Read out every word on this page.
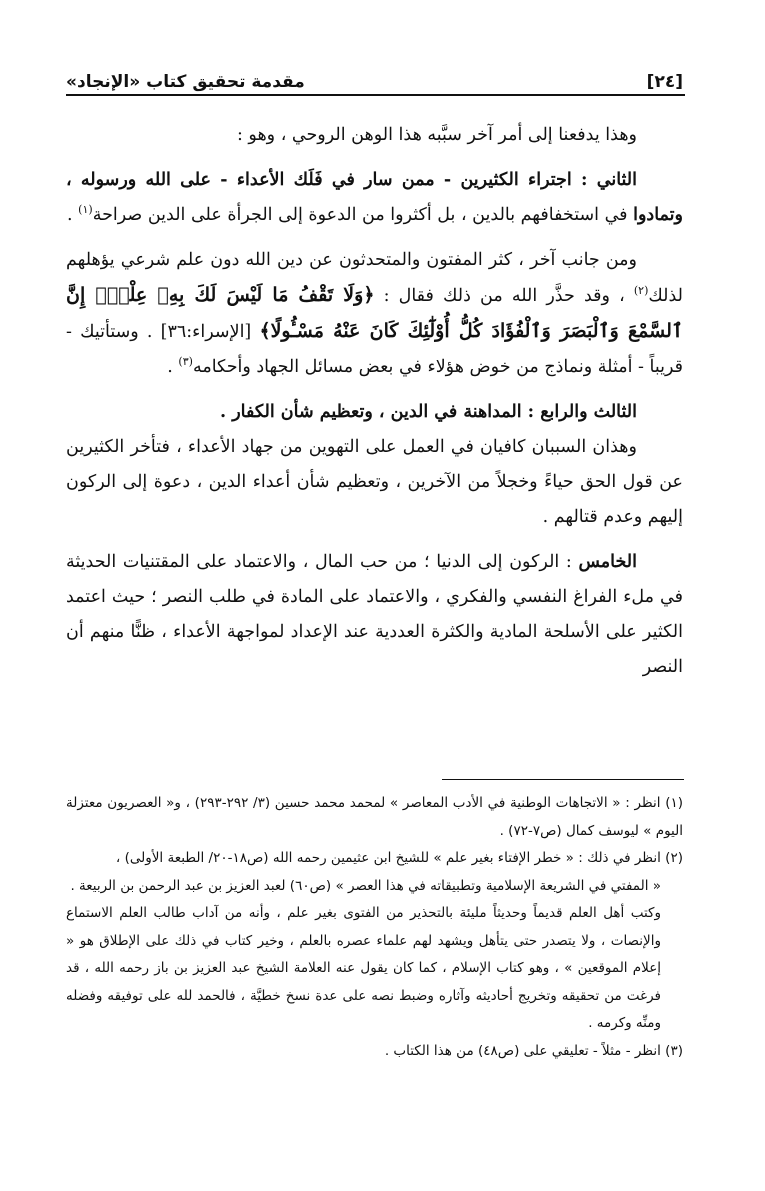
[٢٤]
مقدمة تحقيق كتاب «الإنجاد»

وهذا يدفعنا إلى أمر آخر سبَّبه هذا الوهن الروحي ، وهو :

الثاني : اجتراء الكثيرين - ممن سار في فَلَك الأعداء - على الله ورسوله ، وتمادوا في استخفافهم بالدين ، بل أكثروا من الدعوة إلى الجرأة على الدين صراحة$^{(١)}$ .

ومن جانب آخر ، كثر المفتون والمتحدثون عن دين الله دون علم شرعي يؤهلهم لذلك$^{(٢)}$ ، وقد حذَّر الله من ذلك فقال : ﴿وَلَا تَقْفُ مَا لَيْسَ لَكَ بِهِۦ عِلْمٌۚ إِنَّ ٱلسَّمْعَ وَٱلْبَصَرَ وَٱلْفُؤَادَ كُلُّ أُوْلَٰٓئِكَ كَانَ عَنْهُ مَسْـُٔولًا﴾ [الإسراء:٣٦] . وستأتيك - قريباً - أمثلة ونماذج من خوض هؤلاء في بعض مسائل الجهاد وأحكامه$^{(٣)}$ .

الثالث والرابع : المداهنة في الدين ، وتعظيم شأن الكفار .

وهذان السببان كافيان في العمل على التهوين من جهاد الأعداء ، فتأخر الكثيرين عن قول الحق حياءً وخجلاً من الآخرين ، وتعظيم شأن أعداء الدين ، دعوة إلى الركون إليهم وعدم قتالهم .

الخامس : الركون إلى الدنيا ؛ من حب المال ، والاعتماد على المقتنيات الحديثة في ملء الفراغ النفسي والفكري ، والاعتماد على المادة في طلب النصر ؛ حيث اعتمد الكثير على الأسلحة المادية والكثرة العددية عند الإعداد لمواجهة الأعداء ، ظنًّا منهم أن النصر

(١) انظر : « الاتجاهات الوطنية في الأدب المعاصر » لمحمد محمد حسين (٣/ ٢٩٢-٢٩٣) ، و« العصريون معتزلة اليوم » ليوسف كمال (ص٧-٧٢) .

(٢) انظر في ذلك : « خطر الإفتاء بغير علم » للشيخ ابن عثيمين رحمه الله (ص١٨-٢٠/ الطبعة الأولى) ،

« المفتي في الشريعة الإسلامية وتطبيقاته في هذا العصر » (ص٦٠) لعبد العزيز بن عبد الرحمن بن الربيعة .

وكتب أهل العلم قديماً وحديثاً مليئة بالتحذير من الفتوى بغير علم ، وأنه من آداب طالب العلم الاستماع والإنصات ، ولا يتصدر حتى يتأهل ويشهد لهم علماء عصره بالعلم ، وخير كتاب في ذلك على الإطلاق هو « إعلام الموقعين » ، وهو كتاب الإسلام ، كما كان يقول عنه العلامة الشيخ عبد العزيز بن باز رحمه الله ، قد فرغت من تحقيقه وتخريج أحاديثه وآثاره وضبط نصه على عدة نسخ خطيَّة ، فالحمد لله على توفيقه وفضله ومنِّه وكرمه .

(٣) انظر - مثلاً - تعليقي على (ص٤٨) من هذا الكتاب .
